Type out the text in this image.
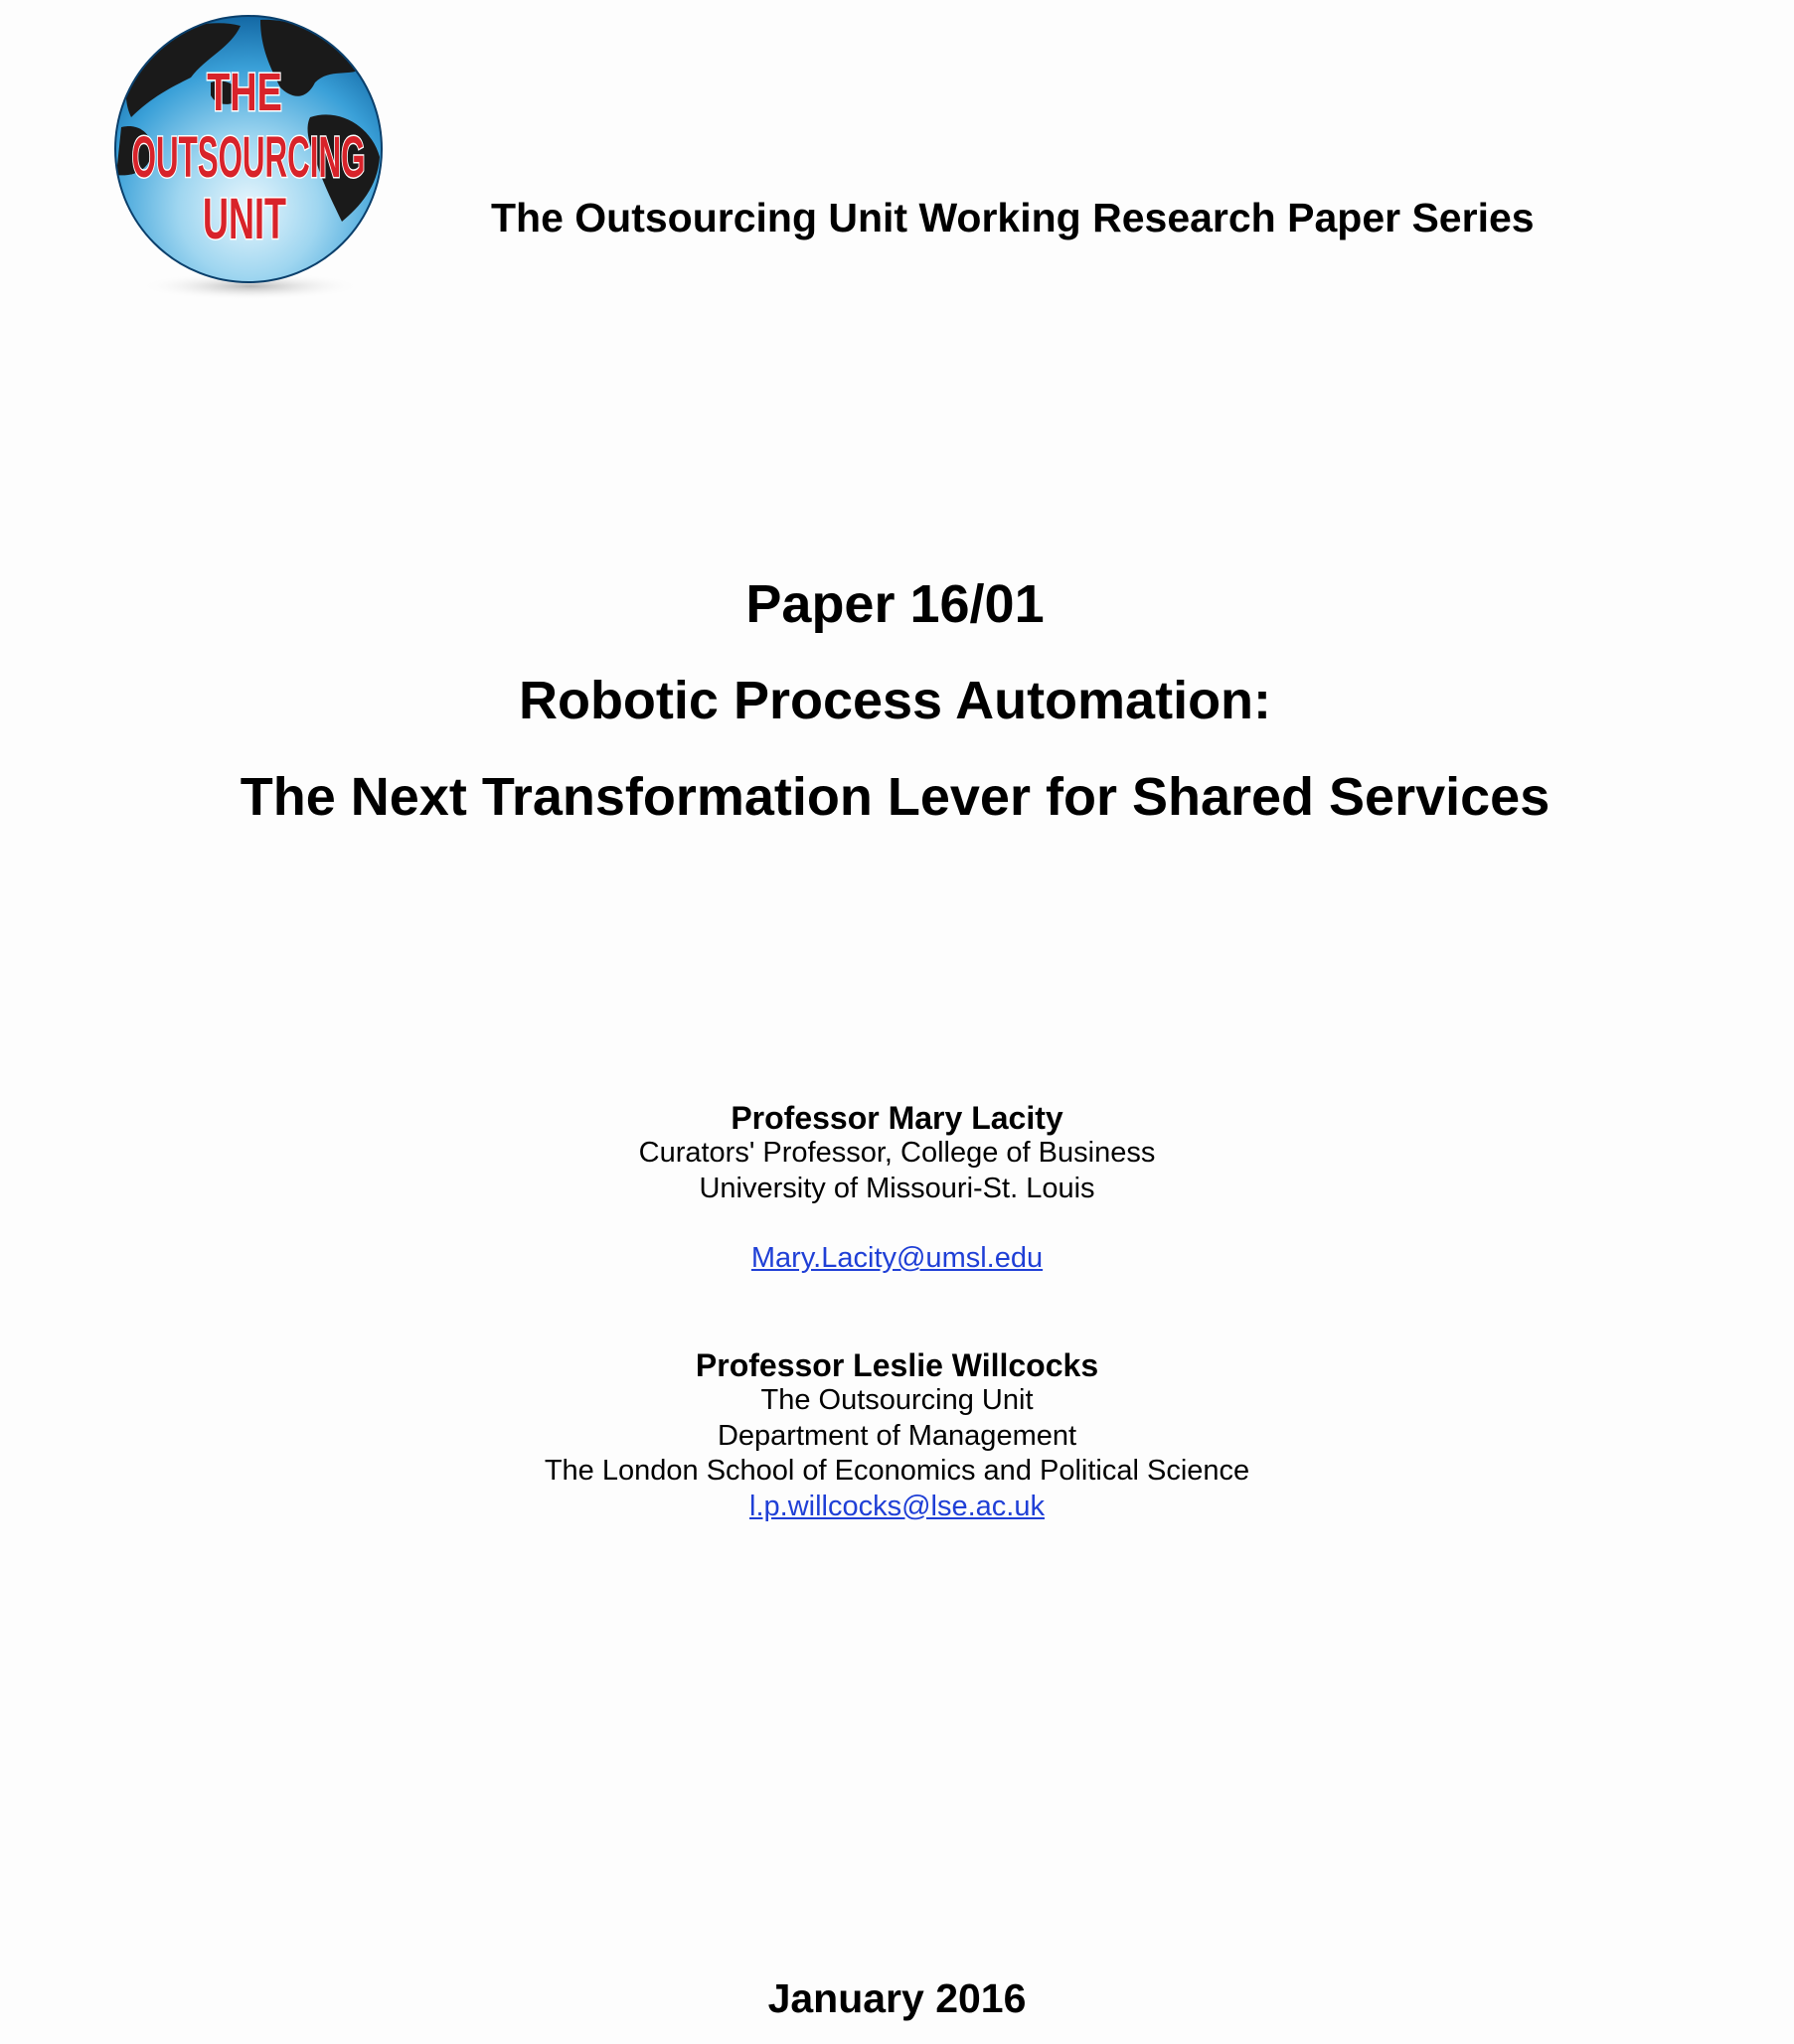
THE
OUTSOURCING
UNIT	The Outsourcing Unit Working Research Paper Series

Paper 16/01

Robotic Process Automation:

The Next Transformation Lever for Shared Services

Professor Mary Lacity

Curators' Professor, College of Business

University of Missouri-St. Louis

Mary.Lacity@umsl.edu

Professor Leslie Willcocks

The Outsourcing Unit

Department of Management

The London School of Economics and Political Science

l.p.willcocks@lse.ac.uk

January 2016
